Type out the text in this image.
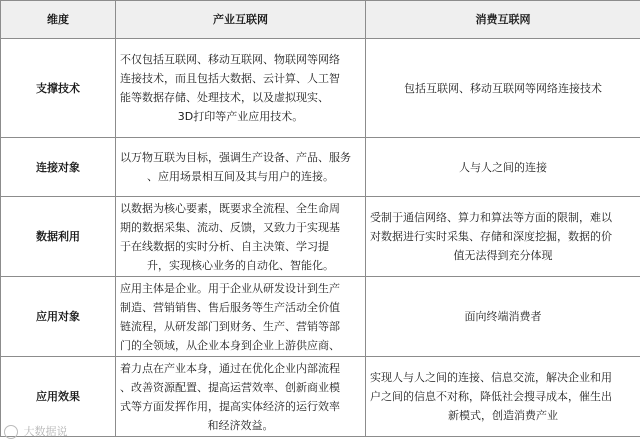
维度	产业互联网	消费互联网
支撑技术	不仅包括互联网、移动互联网、物联网等网络
连接技术，而且包括大数据、云计算、人工智
能等数据存储、处理技术，以及虚拟现实、
3D打印等产业应用技术。	包括互联网、移动互联网等网络连接技术

连接对象	以万物互联为目标，强调生产设备、产品、服务
、应用场景相互间及其与用户的连接。	人与人之间的连接

数据利用	以数据为核心要素，既要求全流程、全生命周
期的数据采集、流动、反馈，又致力于实现基
于在线数据的实时分析、自主决策、学习提
升，实现核心业务的自动化、智能化。	受制于通信网络、算力和算法等方面的限制，难以
对数据进行实时采集、存储和深度挖掘，数据的价
值无法得到充分体现

应用对象	应用主体是企业。用于企业从研发设计到生产
制造、营销销售、售后服务等生产活动全价值
链流程，从研发部门到财务、生产、营销等部
门的全领域，从企业本身到企业上游供应商、	面向终端消费者

应用效果	着力点在产业本身，通过在优化企业内部流程
、改善资源配置、提高运营效率、创新商业模
式等方面发挥作用，提高实体经济的运行效率
和经济效益。	实现人与人之间的连接、信息交流，解决企业和用
户之间的信息不对称，降低社会搜寻成本，催生出
新模式，创造消费产业
大数据说
